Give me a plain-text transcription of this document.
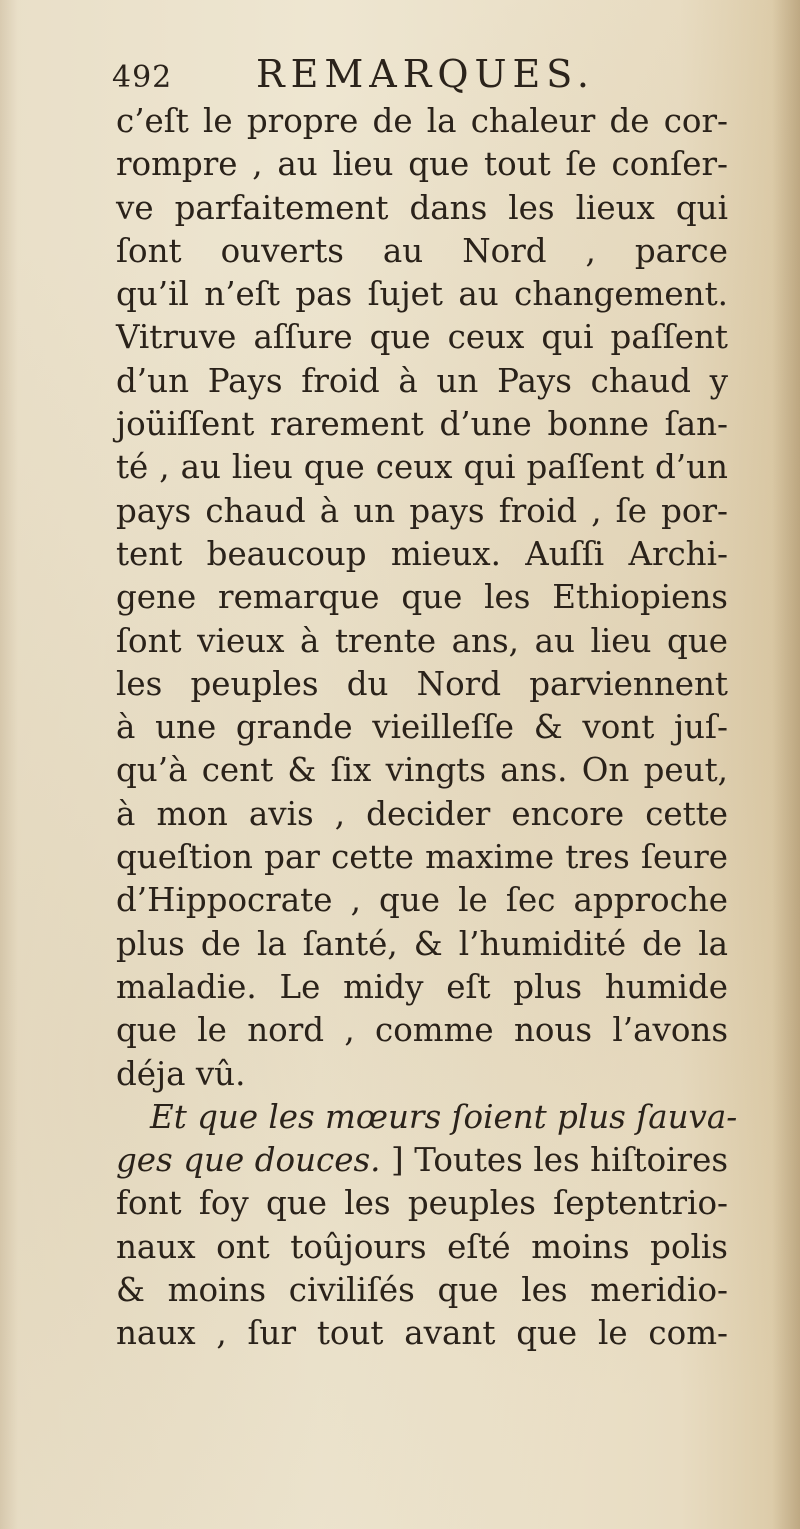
492 REMARQUES.
c’eſt le propre de la chaleur de cor-
rompre , au lieu que tout ſe conſer-
ve parfaitement dans les lieux qui
ſont ouverts au Nord , parce
qu’il n’eſt pas ſujet au changement.
Vitruve aſſure que ceux qui paſſent
d’un Pays froid à un Pays chaud y
joüiſſent rarement d’une bonne ſan-
té , au lieu que ceux qui paſſent d’un
pays chaud à un pays froid , ſe por-
tent beaucoup mieux. Auſſi Archi-
gene remarque que les Ethiopiens
ſont vieux à trente ans, au lieu que
les peuples du Nord parviennent
à une grande vieilleſſe & vont juſ-
qu’à cent & ſix vingts ans. On peut,
à mon avis , decider encore cette
queſtion par cette maxime tres ſeure
d’Hippocrate , que le ſec approche
plus de la ſanté, & l’humidité de la
maladie. Le midy eſt plus humide
que le nord , comme nous l’avons
déja vû.
Et que les mœurs ſoient plus ſauva-
ges que douces. ] Toutes les hiſtoires
font foy que les peuples ſeptentrio-
naux ont toûjours eſté moins polis
& moins civiliſés que les meridio-
naux , ſur tout avant que le com-
